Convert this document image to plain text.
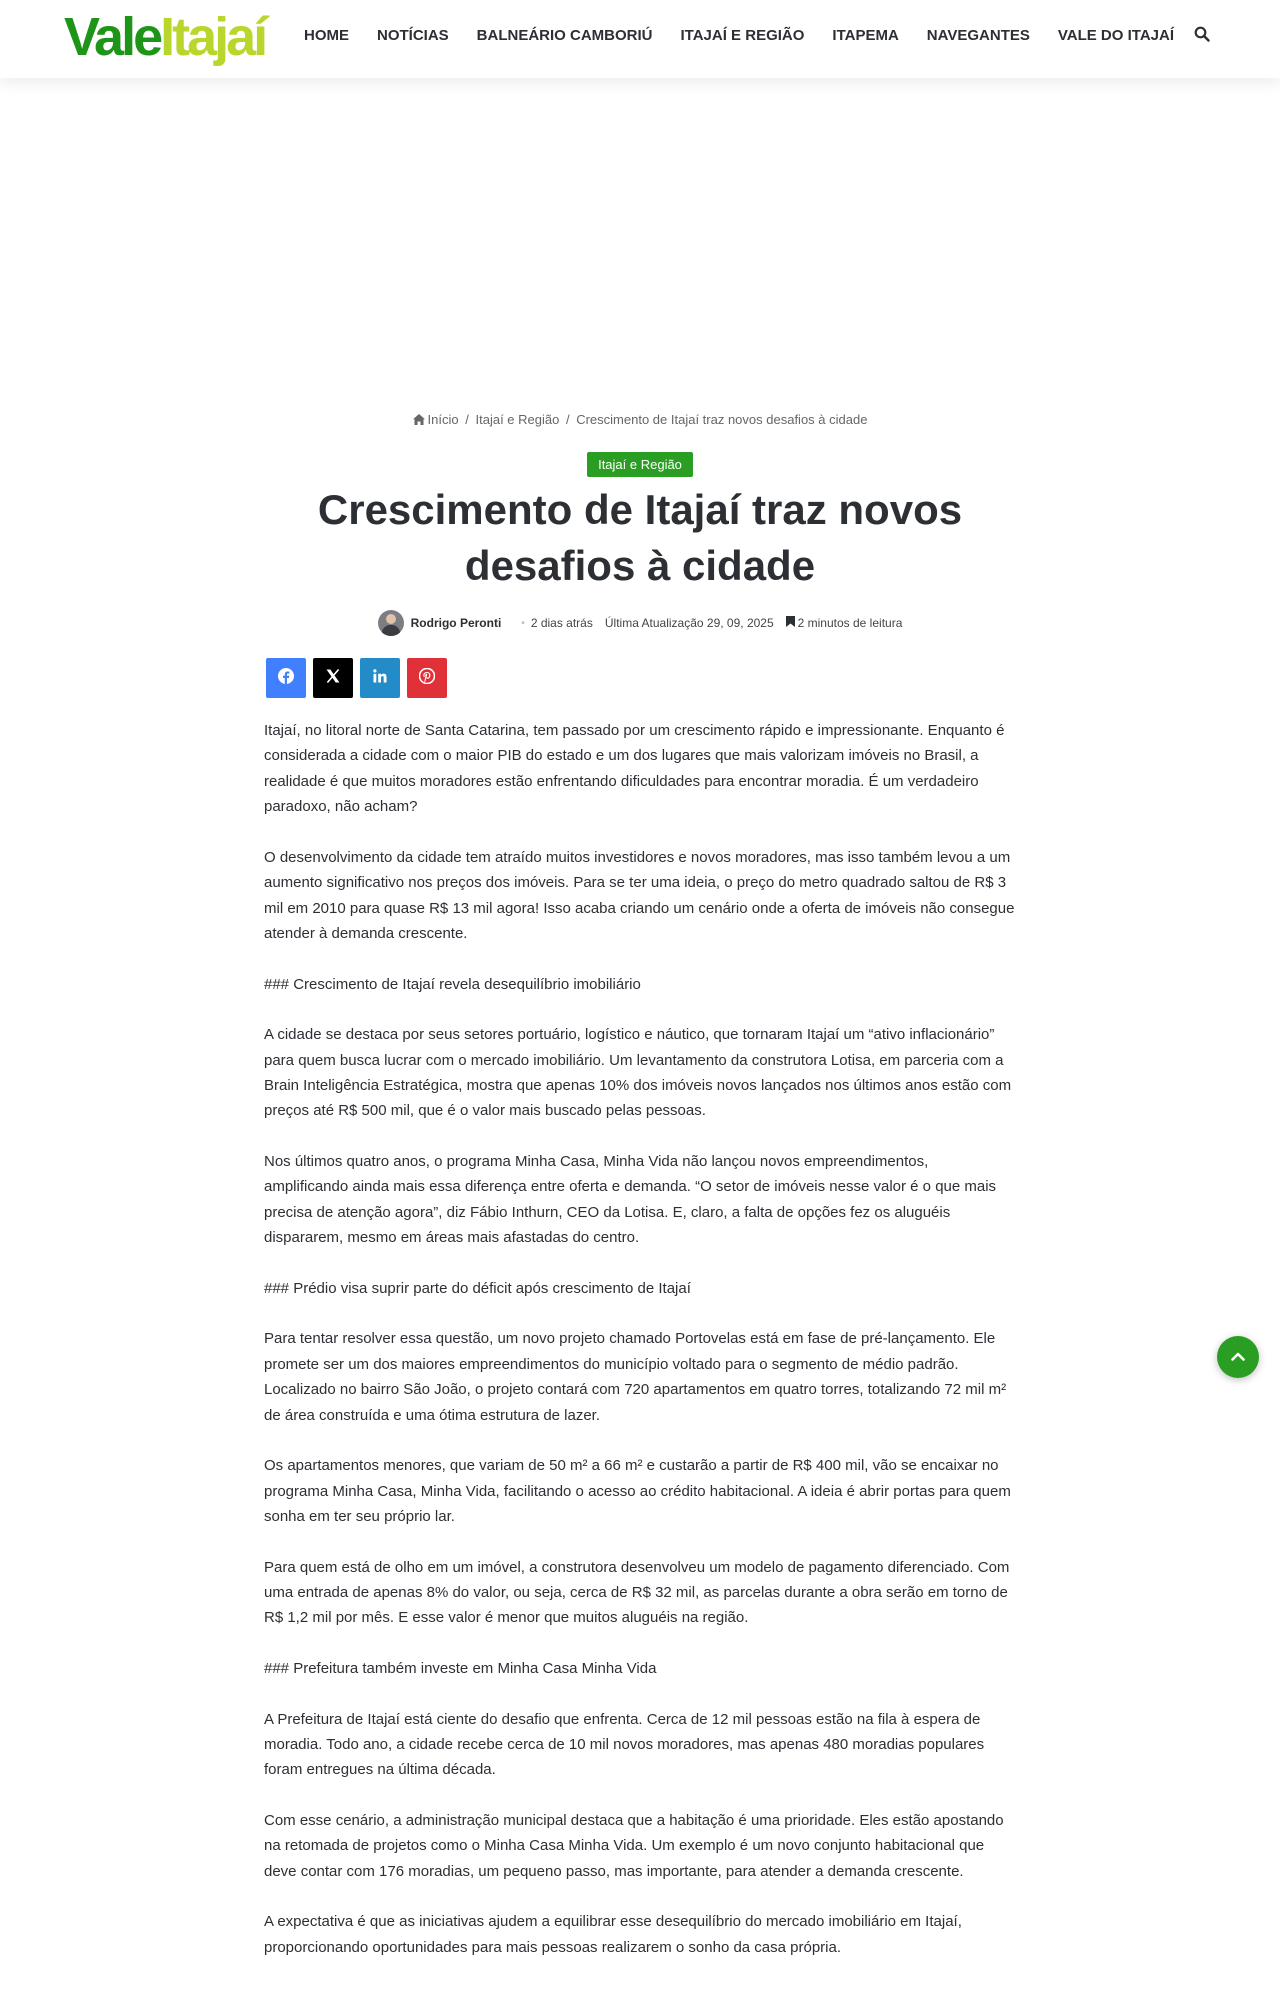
ValeItajaí	HOME NOTÍCIAS BALNEÁRIO CAMBORIÚ ITAJAÍ E REGIÃO ITAPEMA NAVEGANTES VALE DO ITAJAÍ
Início / Itajaí e Região / Crescimento de Itajaí traz novos desafios à cidade
Itajaí e Região
Crescimento de Itajaí traz novos desafios à cidade
Rodrigo Peronti • 2 dias atrás Última Atualização 29, 09, 2025 2 minutos de leitura

Itajaí, no litoral norte de Santa Catarina, tem passado por um crescimento rápido e impressionante. Enquanto é considerada a cidade com o maior PIB do estado e um dos lugares que mais valorizam imóveis no Brasil, a realidade é que muitos moradores estão enfrentando dificuldades para encontrar moradia. É um verdadeiro paradoxo, não acham?

O desenvolvimento da cidade tem atraído muitos investidores e novos moradores, mas isso também levou a um aumento significativo nos preços dos imóveis. Para se ter uma ideia, o preço do metro quadrado saltou de R$ 3 mil em 2010 para quase R$ 13 mil agora! Isso acaba criando um cenário onde a oferta de imóveis não consegue atender à demanda crescente.

### Crescimento de Itajaí revela desequilíbrio imobiliário

A cidade se destaca por seus setores portuário, logístico e náutico, que tornaram Itajaí um “ativo inflacionário” para quem busca lucrar com o mercado imobiliário. Um levantamento da construtora Lotisa, em parceria com a Brain Inteligência Estratégica, mostra que apenas 10% dos imóveis novos lançados nos últimos anos estão com preços até R$ 500 mil, que é o valor mais buscado pelas pessoas.

Nos últimos quatro anos, o programa Minha Casa, Minha Vida não lançou novos empreendimentos, amplificando ainda mais essa diferença entre oferta e demanda. “O setor de imóveis nesse valor é o que mais precisa de atenção agora”, diz Fábio Inthurn, CEO da Lotisa. E, claro, a falta de opções fez os aluguéis dispararem, mesmo em áreas mais afastadas do centro.

### Prédio visa suprir parte do déficit após crescimento de Itajaí

Para tentar resolver essa questão, um novo projeto chamado Portovelas está em fase de pré-lançamento. Ele promete ser um dos maiores empreendimentos do município voltado para o segmento de médio padrão. Localizado no bairro São João, o projeto contará com 720 apartamentos em quatro torres, totalizando 72 mil m² de área construída e uma ótima estrutura de lazer.

Os apartamentos menores, que variam de 50 m² a 66 m² e custarão a partir de R$ 400 mil, vão se encaixar no programa Minha Casa, Minha Vida, facilitando o acesso ao crédito habitacional. A ideia é abrir portas para quem sonha em ter seu próprio lar.

Para quem está de olho em um imóvel, a construtora desenvolveu um modelo de pagamento diferenciado. Com uma entrada de apenas 8% do valor, ou seja, cerca de R$ 32 mil, as parcelas durante a obra serão em torno de R$ 1,2 mil por mês. E esse valor é menor que muitos aluguéis na região.

### Prefeitura também investe em Minha Casa Minha Vida

A Prefeitura de Itajaí está ciente do desafio que enfrenta. Cerca de 12 mil pessoas estão na fila à espera de moradia. Todo ano, a cidade recebe cerca de 10 mil novos moradores, mas apenas 480 moradias populares foram entregues na última década.

Com esse cenário, a administração municipal destaca que a habitação é uma prioridade. Eles estão apostando na retomada de projetos como o Minha Casa Minha Vida. Um exemplo é um novo conjunto habitacional que deve contar com 176 moradias, um pequeno passo, mas importante, para atender a demanda crescente.

A expectativa é que as iniciativas ajudem a equilibrar esse desequilíbrio do mercado imobiliário em Itajaí, proporcionando oportunidades para mais pessoas realizarem o sonho da casa própria.
